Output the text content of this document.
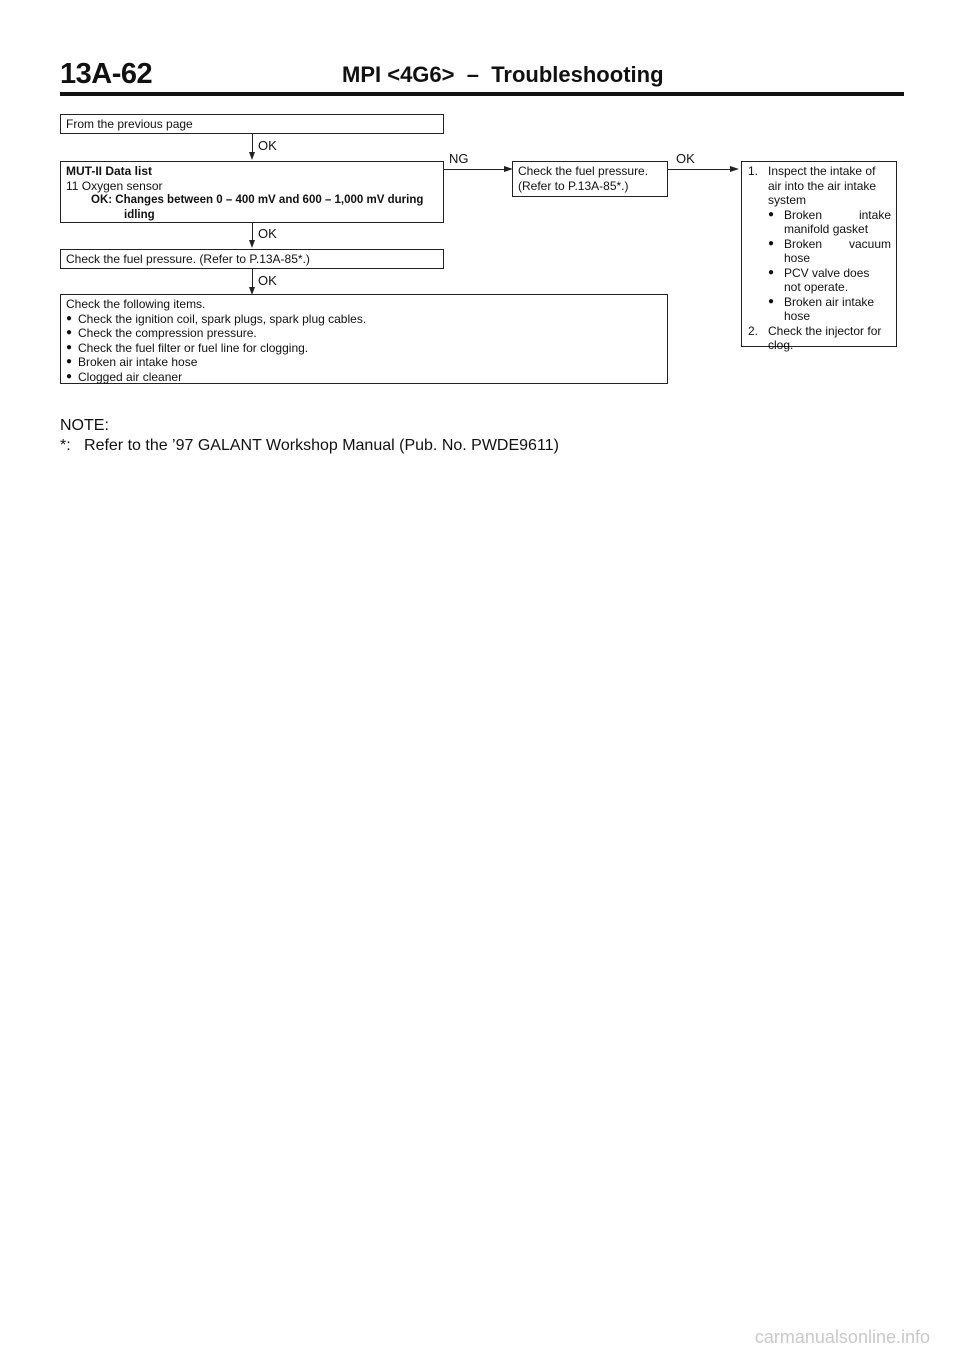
13A-62	MPI <4G6>  –  Troubleshooting
From the previous page
OK
MUT-II Data list
11 Oxygen sensor
OK: Changes between 0 – 400 mV and 600 – 1,000 mV during
idling
NG
Check the fuel pressure.
(Refer to P.13A-85*.)
OK
1. Inspect the intake of
air into the air intake
system
● Broken	intake
manifold gasket
● Broken vacuum
hose
● PCV valve does
not operate.
● Broken air intake
hose
2. Check the injector for
clog.
OK
Check the fuel pressure. (Refer to P.13A-85*.)
OK
Check the following items.
● Check the ignition coil, spark plugs, spark plug cables.
● Check the compression pressure.
● Check the fuel filter or fuel line for clogging.
● Broken air intake hose
● Clogged air cleaner
NOTE:
*:   Refer to the ’97 GALANT Workshop Manual (Pub. No. PWDE9611)
carmanualsonline.info
